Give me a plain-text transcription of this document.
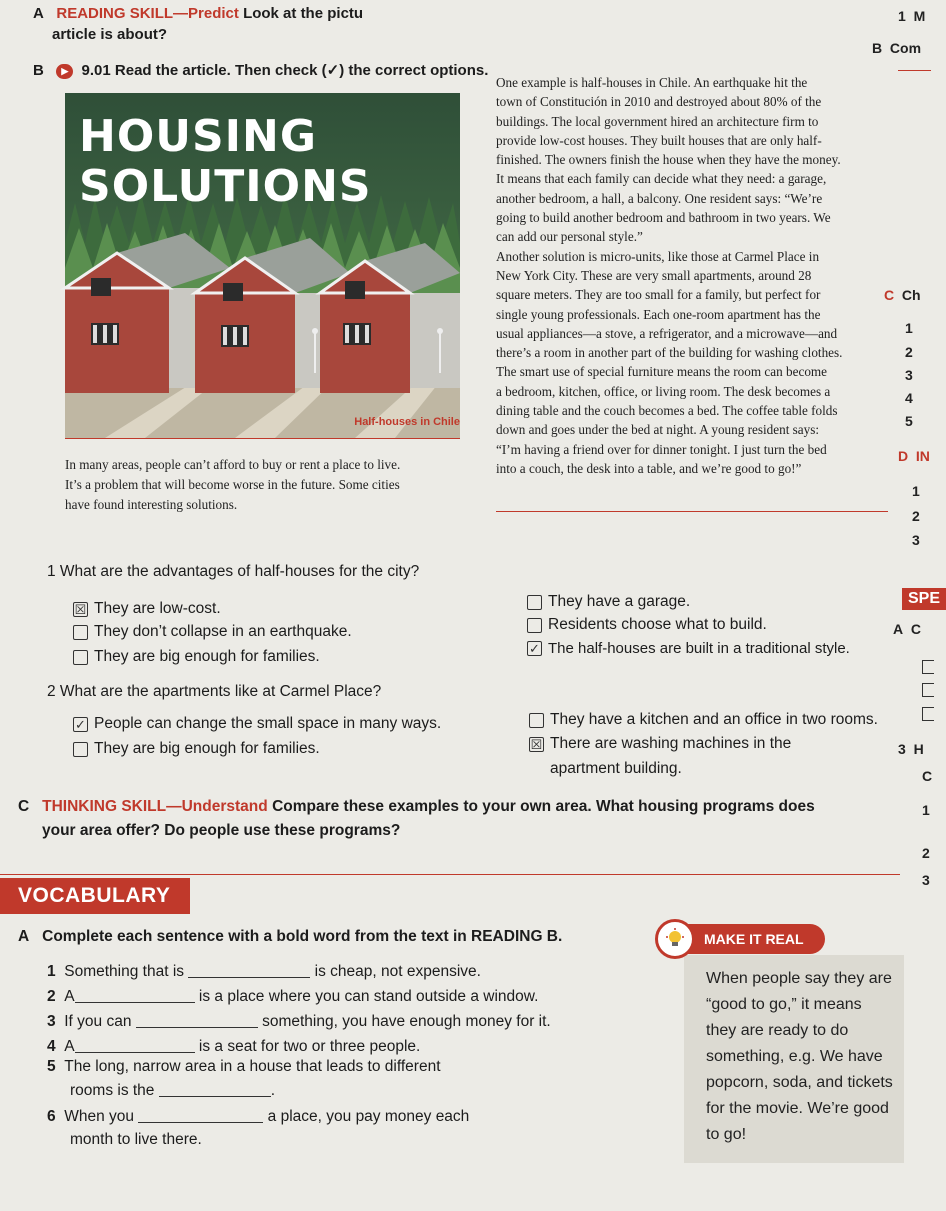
A READING SKILL—Predict Look at the pictu
article is about?
B ▶ 9.01 Read the article. Then check (✓) the correct options.
HOUSING
SOLUTIONS
Half-houses in Chile

In many areas, people can’t afford to buy or rent a place to live.

It’s a problem that will become worse in the future. Some cities

have found interesting solutions.

One example is half-houses in Chile. An earthquake hit the

town of Constitución in 2010 and destroyed about 80% of the

buildings. The local government hired an architecture firm to

provide low-cost houses. They built houses that are only half-

finished. The owners finish the house when they have the money.

It means that each family can decide what they need: a garage,

another bedroom, a hall, a balcony. One resident says: “We’re

going to build another bedroom and bathroom in two years. We

can add our personal style.”

Another solution is micro-units, like those at Carmel Place in

New York City. These are very small apartments, around 28

square meters. They are too small for a family, but perfect for

single young professionals. Each one-room apartment has the

usual appliances—a stove, a refrigerator, and a microwave—and

there’s a room in another part of the building for washing clothes.

The smart use of special furniture means the room can become

a bedroom, kitchen, office, or living room. The desk becomes a

dining table and the couch becomes a bed. The coffee table folds

down and goes under the bed at night. A young resident says:

“I’m having a friend over for dinner tonight. I just turn the bed

into a couch, the desk into a table, and we’re good to go!”

1 M
B Com
C Ch
1
2
3
4
5
D IN
1
2
3
SPE
A C
3 H
C
1
2
3
1 What are the advantages of half-houses for the city?
☒ They are low-cost.
They don’t collapse in an earthquake.
They are big enough for families.
They have a garage.
Residents choose what to build.
✓ The half-houses are built in a traditional style.
2 What are the apartments like at Carmel Place?
✓ People can change the small space in many ways.
They are big enough for families.
They have a kitchen and an office in two rooms.
☒ There are washing machines in the
apartment building.
C THINKING SKILL—Understand Compare these examples to your own area. What housing programs does
your area offer? Do people use these programs?
VOCABULARY
A Complete each sentence with a bold word from the text in READING B.
1 Something that is	is cheap, not expensive.
2 A	is a place where you can stand outside a window.
3 If you can	something, you have enough money for it.
4 A	is a seat for two or three people.
5 The long, narrow area in a house that leads to different
rooms is the	.
6 When you	a place, you pay money each
month to live there.
MAKE IT REAL
When people say they are
“good to go,” it means
they are ready to do
something, e.g. We have
popcorn, soda, and tickets
for the movie. We’re good
to go!
